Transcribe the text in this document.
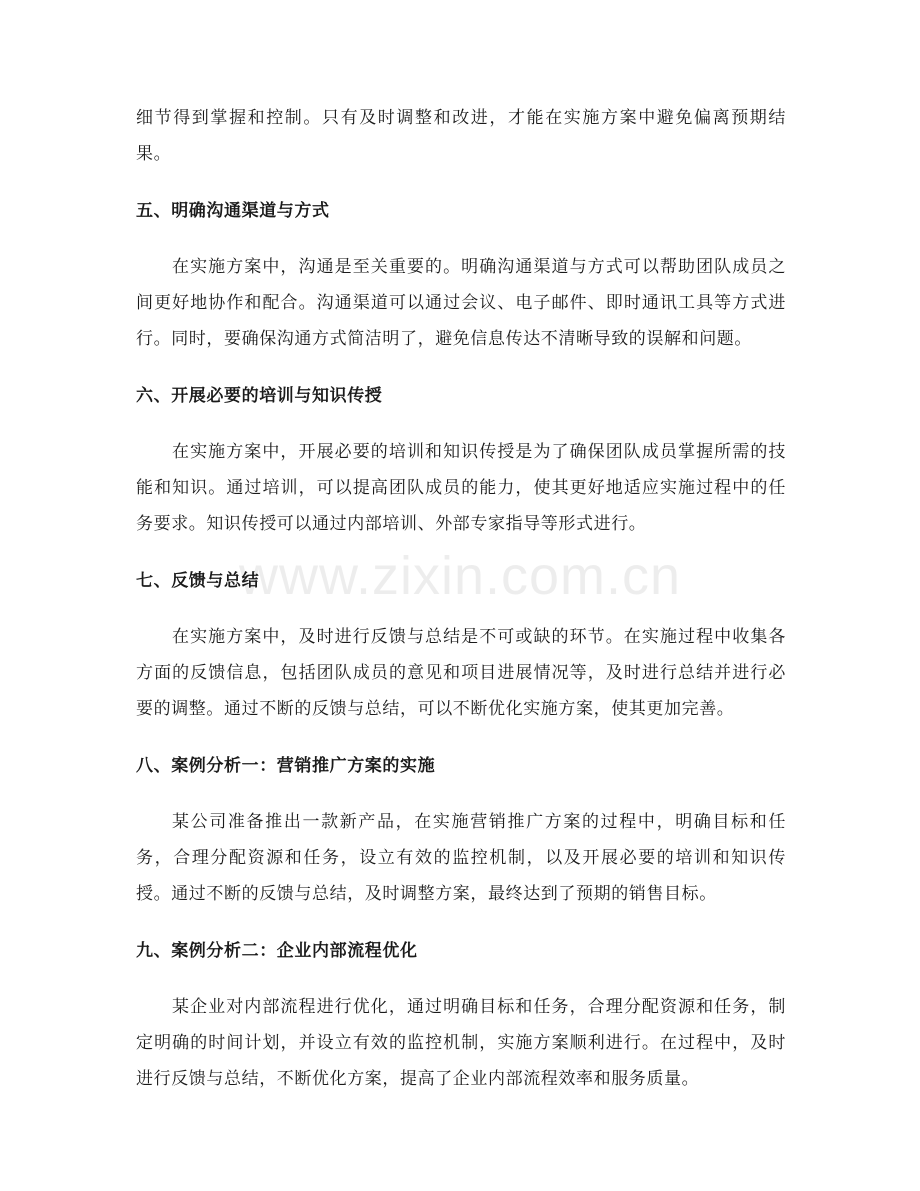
www.zixin.com.cn

细节得到掌握和控制。只有及时调整和改进，才能在实施方案中避免偏离预期结果。

五、明确沟通渠道与方式

在实施方案中，沟通是至关重要的。明确沟通渠道与方式可以帮助团队成员之间更好地协作和配合。沟通渠道可以通过会议、电子邮件、即时通讯工具等方式进行。同时，要确保沟通方式简洁明了，避免信息传达不清晰导致的误解和问题。

六、开展必要的培训与知识传授

在实施方案中，开展必要的培训和知识传授是为了确保团队成员掌握所需的技能和知识。通过培训，可以提高团队成员的能力，使其更好地适应实施过程中的任务要求。知识传授可以通过内部培训、外部专家指导等形式进行。

七、反馈与总结

在实施方案中，及时进行反馈与总结是不可或缺的环节。在实施过程中收集各方面的反馈信息，包括团队成员的意见和项目进展情况等，及时进行总结并进行必要的调整。通过不断的反馈与总结，可以不断优化实施方案，使其更加完善。

八、案例分析一：营销推广方案的实施

某公司准备推出一款新产品，在实施营销推广方案的过程中，明确目标和任务，合理分配资源和任务，设立有效的监控机制，以及开展必要的培训和知识传授。通过不断的反馈与总结，及时调整方案，最终达到了预期的销售目标。

九、案例分析二：企业内部流程优化

某企业对内部流程进行优化，通过明确目标和任务，合理分配资源和任务，制定明确的时间计划，并设立有效的监控机制，实施方案顺利进行。在过程中，及时进行反馈与总结，不断优化方案，提高了企业内部流程效率和服务质量。
